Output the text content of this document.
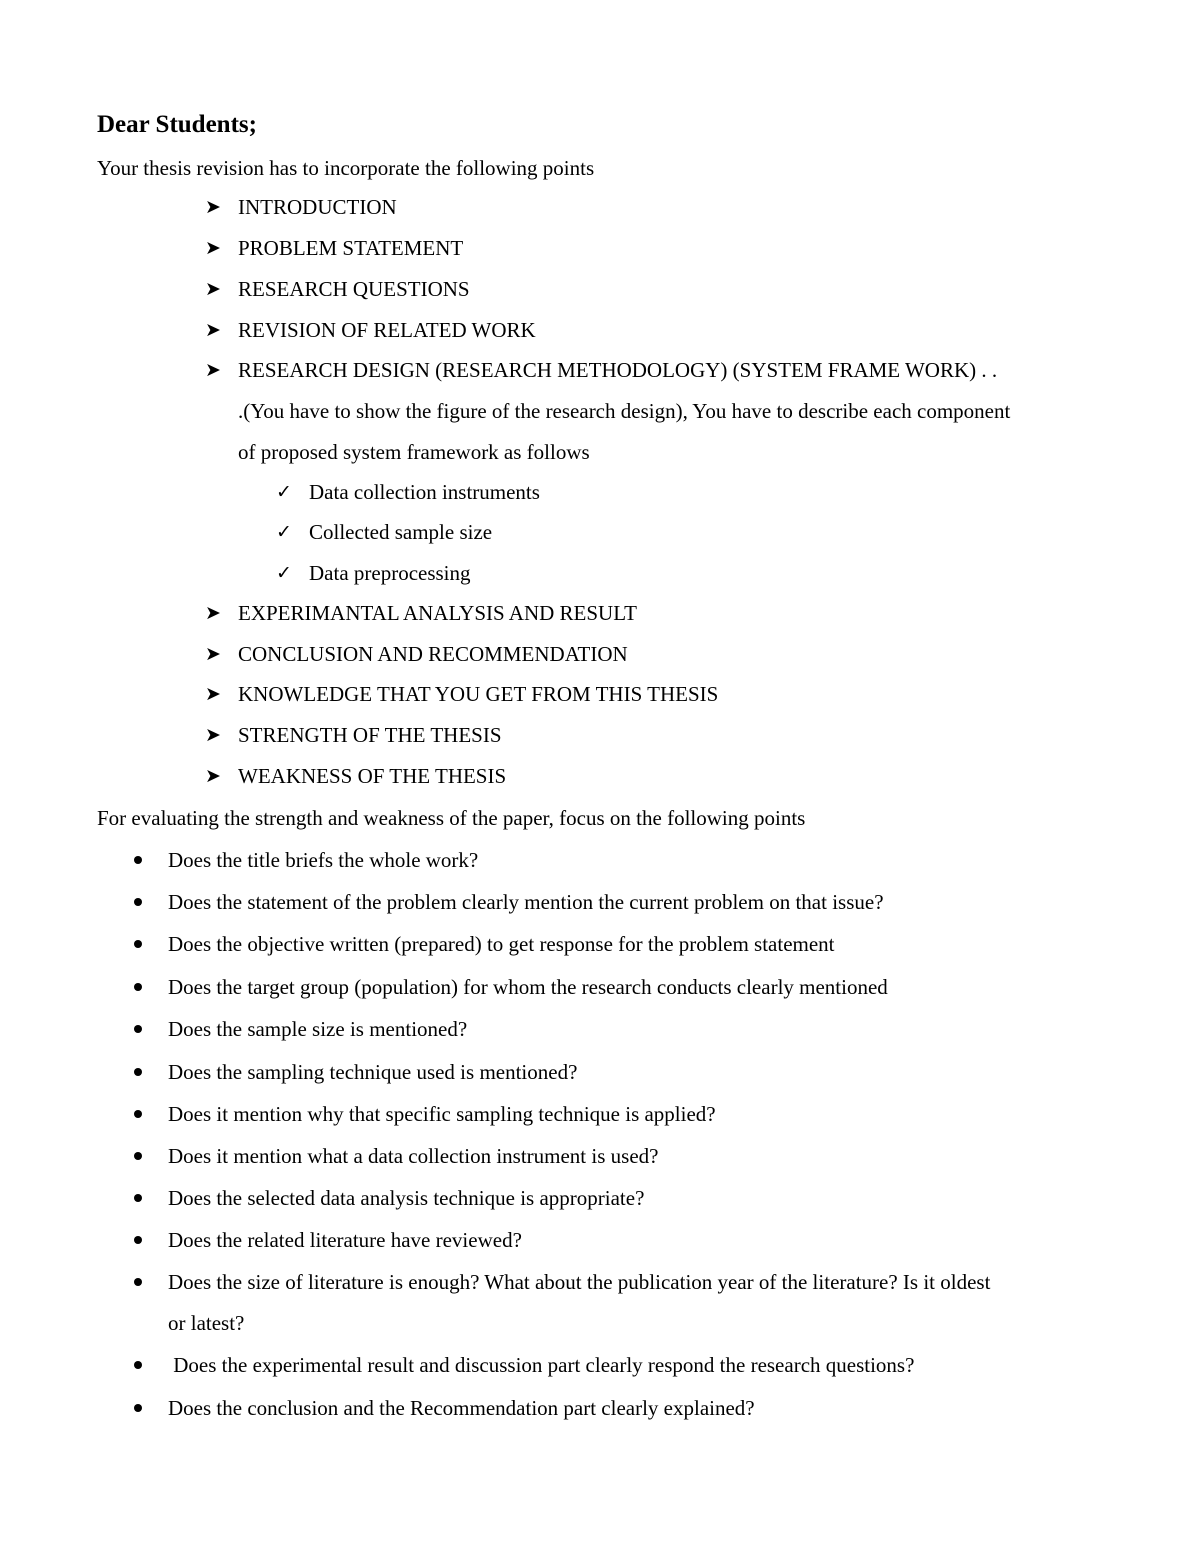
Dear Students;
Your thesis revision has to incorporate the following points
➤ INTRODUCTION
➤ PROBLEM STATEMENT
➤ RESEARCH QUESTIONS
➤ REVISION OF RELATED WORK
➤ RESEARCH DESIGN (RESEARCH METHODOLOGY) (SYSTEM FRAME WORK) . .
.(You have to show the figure of the research design), You have to describe each component
of proposed system framework as follows
✓ Data collection instruments
✓ Collected sample size
✓ Data preprocessing
➤ EXPERIMANTAL ANALYSIS AND RESULT
➤ CONCLUSION AND RECOMMENDATION
➤ KNOWLEDGE THAT YOU GET FROM THIS THESIS
➤ STRENGTH OF THE THESIS
➤ WEAKNESS OF THE THESIS
For evaluating the strength and weakness of the paper, focus on the following points
Does the title briefs the whole work?
Does the statement of the problem clearly mention the current problem on that issue?
Does the objective written (prepared) to get response for the problem statement
Does the target group (population) for whom the research conducts clearly mentioned
Does the sample size is mentioned?
Does the sampling technique used is mentioned?
Does it mention why that specific sampling technique is applied?
Does it mention what a data collection instrument is used?
Does the selected data analysis technique is appropriate?
Does the related literature have reviewed?
Does the size of literature is enough? What about the publication year of the literature? Is it oldest
or latest?
Does the experimental result and discussion part clearly respond the research questions?
Does the conclusion and the Recommendation part clearly explained?
